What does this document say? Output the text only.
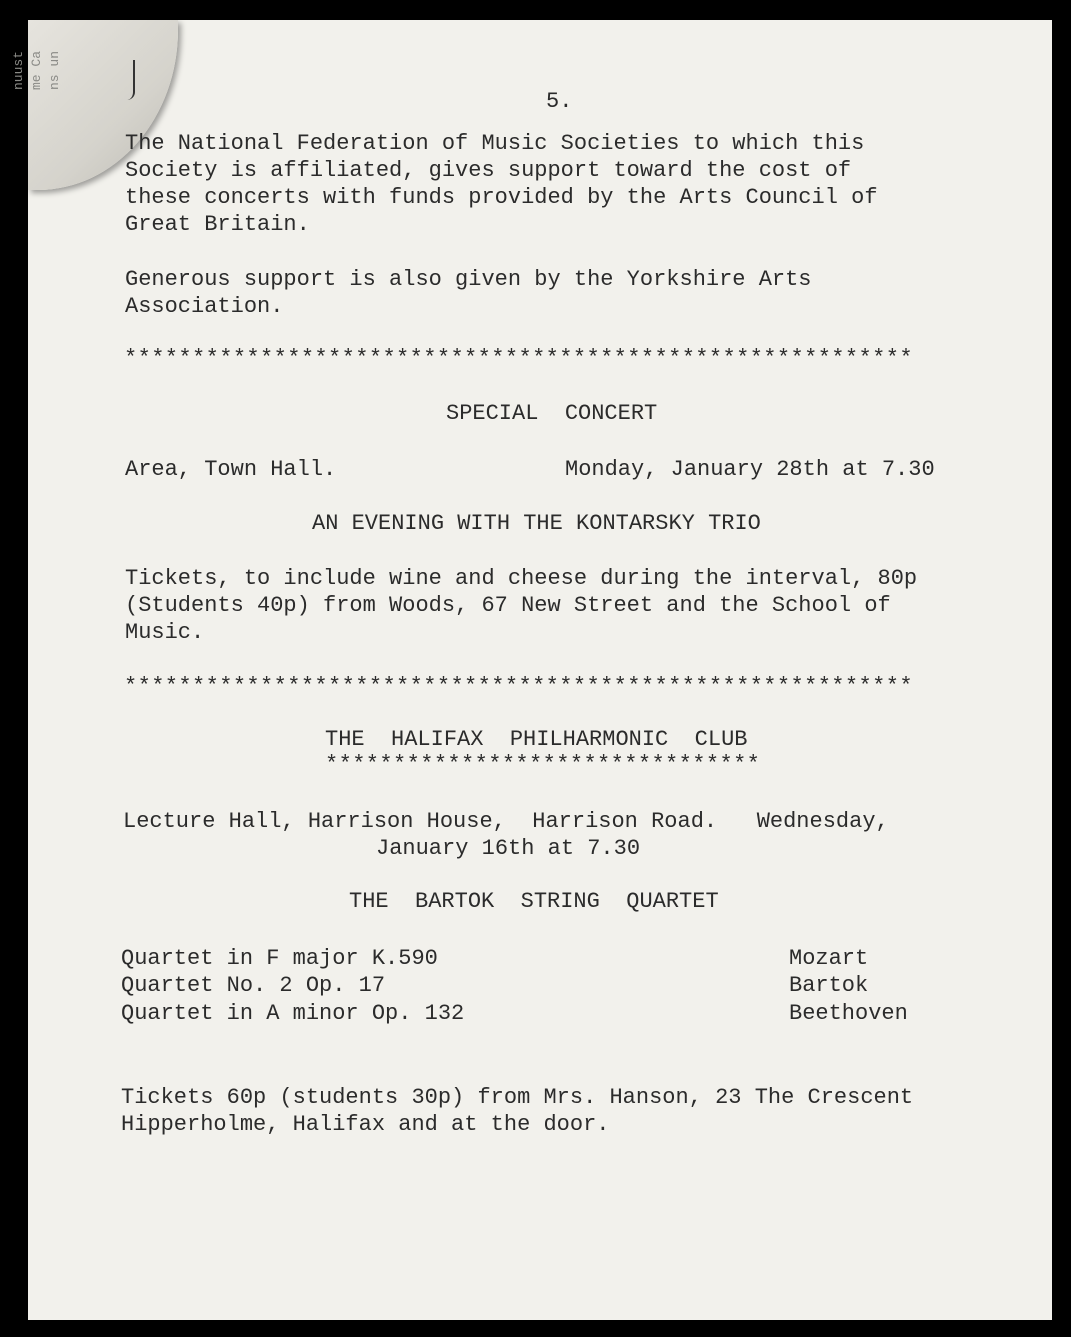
nuust me Ca ns un
5.
The National Federation of Music Societies to which this
Society is affiliated, gives support toward the cost of
these concerts with funds provided by the Arts Council of
Great Britain.
Generous support is also given by the Yorkshire Arts
Association.
**********************************************************
SPECIAL  CONCERT
Area, Town Hall.	Monday, January 28th at 7.30
AN EVENING WITH THE KONTARSKY TRIO
Tickets, to include wine and cheese during the interval, 80p
(Students 40p) from Woods, 67 New Street and the School of
Music.
**********************************************************
THE  HALIFAX  PHILHARMONIC  CLUB
********************************
Lecture Hall, Harrison House,  Harrison Road.   Wednesday,
January 16th at 7.30
THE  BARTOK  STRING  QUARTET
Quartet in F major K.590	Mozart
Quartet No. 2 Op. 17	Bartok
Quartet in A minor Op. 132	Beethoven
Tickets 60p (students 30p) from Mrs. Hanson, 23 The Crescent
Hipperholme, Halifax and at the door.
